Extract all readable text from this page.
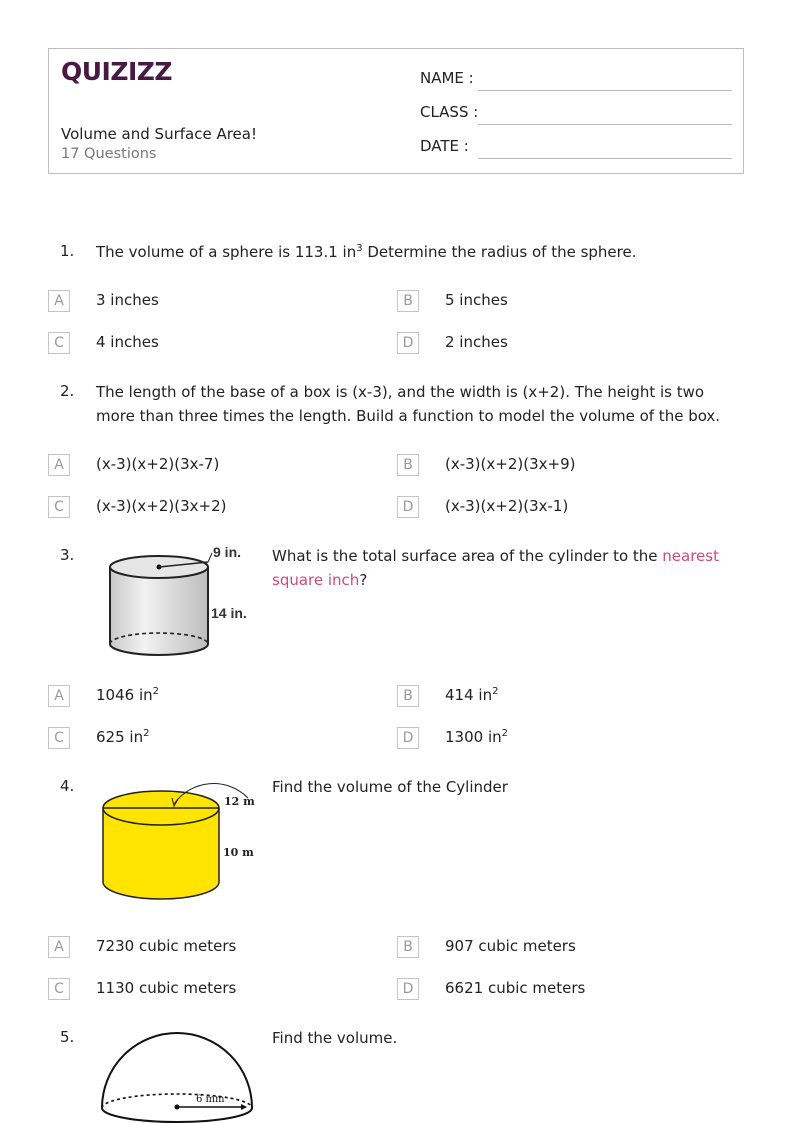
QUIZIZZ
Volume and Surface Area!
17 Questions
NAME :
CLASS :
DATE :
1. The volume of a sphere is 113.1 $in^3$ Determine the radius of the sphere.
A	3 inches	B	5 inches
C	4 inches	D	2 inches
2. The length of the base of a box is (x-3), and the width is (x+2). The height is two more than three times the length. Build a function to model the volume of the box.
A	(x-3)(x+2)(3x-7)	B	(x-3)(x+2)(3x+9)
C	(x-3)(x+2)(3x+2)	D	(x-3)(x+2)(3x-1)
3.	9 in.
14 in.
What is the total surface area of the cylinder to the nearest square inch?
A	1046 $in^2$	B	414 $in^2$
C	625 $in^2$	D	1300 $in^2$
4.
12 m
10 m
Find the volume of the Cylinder
A	7230 cubic meters	B	907 cubic meters
C	1130 cubic meters	D	6621 cubic meters
5.
6 mm
Find the volume.
